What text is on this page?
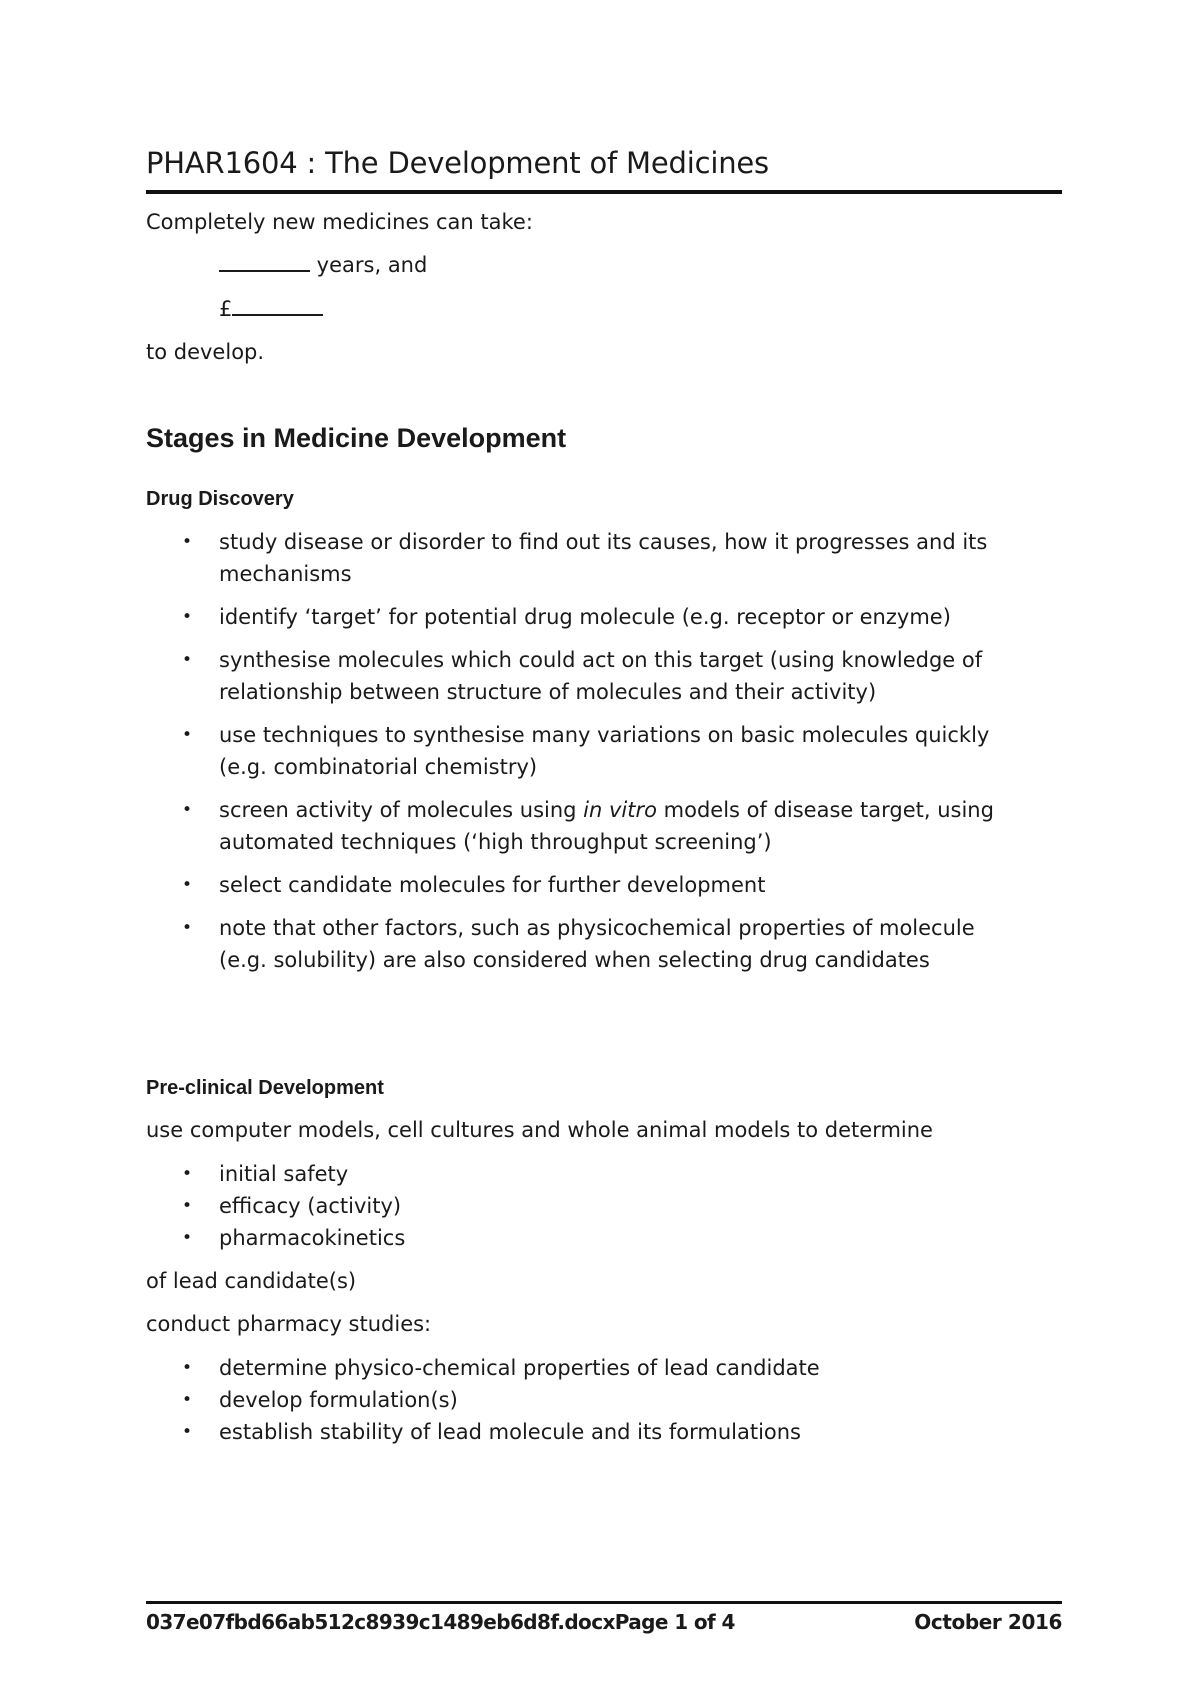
PHAR1604 : The Development of Medicines
Completely new medicines can take:
years, and
£
to develop.
Stages in Medicine Development
Drug Discovery
• study disease or disorder to find out its causes, how it progresses and its
mechanisms
• identify ‘target’ for potential drug molecule (e.g. receptor or enzyme)
• synthesise molecules which could act on this target (using knowledge of
relationship between structure of molecules and their activity)
• use techniques to synthesise many variations on basic molecules quickly
(e.g. combinatorial chemistry)
• screen activity of molecules using in vitro models of disease target, using
automated techniques (‘high throughput screening’)
• select candidate molecules for further development
• note that other factors, such as physicochemical properties of molecule
(e.g. solubility) are also considered when selecting drug candidates
Pre-clinical Development
use computer models, cell cultures and whole animal models to determine
• initial safety
• efficacy (activity)
• pharmacokinetics
of lead candidate(s)
conduct pharmacy studies:
• determine physico-chemical properties of lead candidate
• develop formulation(s)
• establish stability of lead molecule and its formulations
037e07fbd66ab512c8939c1489eb6d8f.docxPage 1 of 4	October 2016
